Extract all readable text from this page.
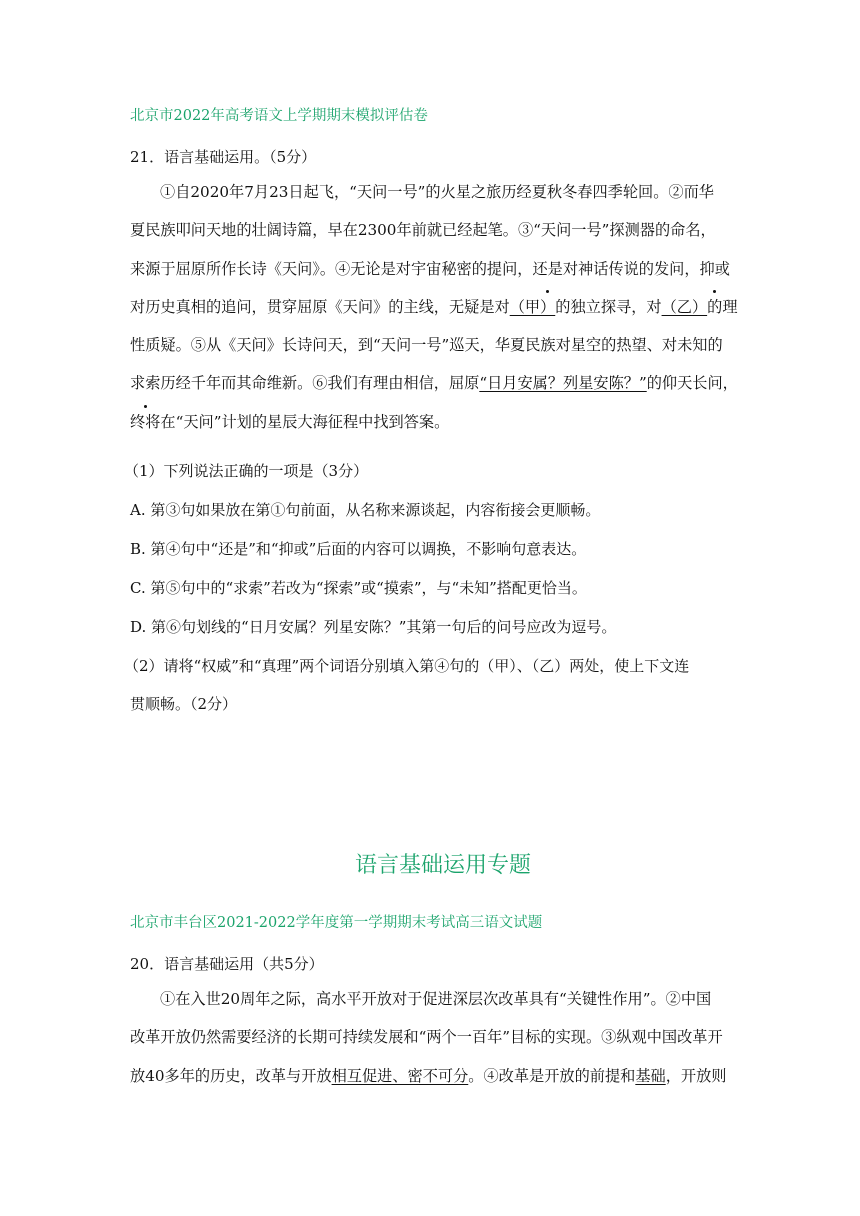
北京市2022年高考语文上学期期末模拟评估卷
21．语言基础运用。（5分）
①自2020年7月23日起飞，“天问一号”的火星之旅历经夏秋冬春四季轮回。②而华
夏民族叩问天地的壮阔诗篇，早在2300年前就已经起笔。③“天问一号”探测器的命名，
来源于屈原所作长诗《天问》。④无论是对宇宙秘密的提问，还是对神话传说的发问，抑或
对历史真相的追问，贯穿屈原《天问》的主线，无疑是对（甲）的独立探寻，对（乙）的理
性质疑。⑤从《天问》长诗问天，到“天问一号”巡天，华夏民族对星空的热望、对未知的
求索历经千年而其命维新。⑥我们有理由相信，屈原“日月安属？列星安陈？”的仰天长问，
终将在“天问”计划的星辰大海征程中找到答案。
（1）下列说法正确的一项是（3分）
A. 第③句如果放在第①句前面，从名称来源谈起，内容衔接会更顺畅。
B. 第④句中“还是”和“抑或”后面的内容可以调换，不影响句意表达。
C. 第⑤句中的“求索”若改为“探索”或“摸索”，与“未知”搭配更恰当。
D. 第⑥句划线的“日月安属？列星安陈？”其第一句后的问号应改为逗号。
（2）请将“权威”和“真理”两个词语分别填入第④句的（甲）、（乙）两处，使上下文连
贯顺畅。（2分）
语言基础运用专题
北京市丰台区2021-2022学年度第一学期期末考试高三语文试题
20．语言基础运用（共5分）
①在入世20周年之际，高水平开放对于促进深层次改革具有“关键性作用”。②中国
改革开放仍然需要经济的长期可持续发展和“两个一百年”目标的实现。③纵观中国改革开
放40多年的历史，改革与开放相互促进、密不可分。④改革是开放的前提和基础，开放则
